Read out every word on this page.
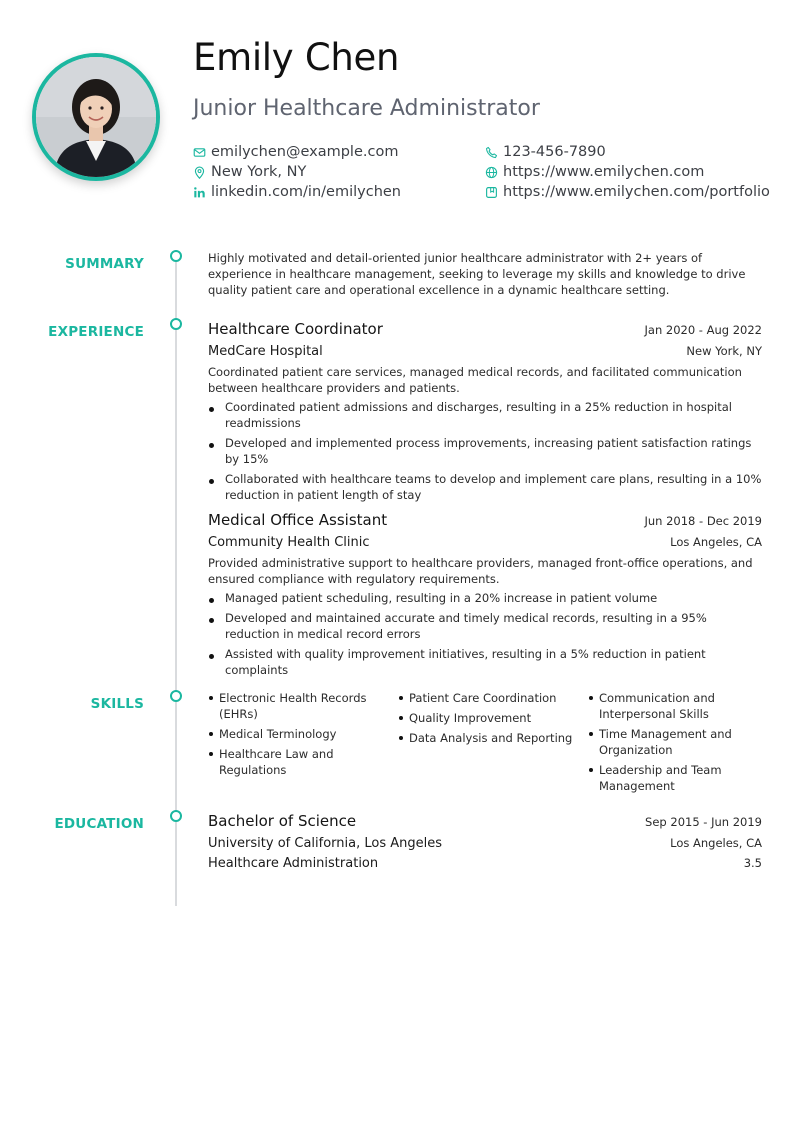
Emily Chen
Junior Healthcare Administrator
emilychen@example.com	123-456-7890
New York, NY	https://www.emilychen.com
linkedin.com/in/emilychen	https://www.emilychen.com/portfolio
SUMMARY	Highly motivated and detail-oriented junior healthcare administrator with 2+ years of experience in healthcare management, seeking to leverage my skills and knowledge to drive quality patient care and operational excellence in a dynamic healthcare setting.

EXPERIENCE	Healthcare Coordinator	Jan 2020 - Aug 2022
MedCare Hospital	New York, NY

Coordinated patient care services, managed medical records, and facilitated communication between healthcare providers and patients.

Coordinated patient admissions and discharges, resulting in a 25% reduction in hospital readmissions
Developed and implemented process improvements, increasing patient satisfaction ratings by 15%
Collaborated with healthcare teams to develop and implement care plans, resulting in a 10% reduction in patient length of stay
Medical Office Assistant	Jun 2018 - Dec 2019
Community Health Clinic	Los Angeles, CA

Provided administrative support to healthcare providers, managed front-office operations, and ensured compliance with regulatory requirements.

Managed patient scheduling, resulting in a 20% increase in patient volume
Developed and maintained accurate and timely medical records, resulting in a 95% reduction in medical record errors
Assisted with quality improvement initiatives, resulting in a 5% reduction in patient complaints
SKILLS	Electronic Health Records (EHRs)
Medical Terminology
Healthcare Law and Regulations
Patient Care Coordination
Quality Improvement
Data Analysis and Reporting
Communication and Interpersonal Skills
Time Management and Organization
Leadership and Team Management
EDUCATION	Bachelor of Science	Sep 2015 - Jun 2019
University of California, Los Angeles	Los Angeles, CA
Healthcare Administration	3.5
